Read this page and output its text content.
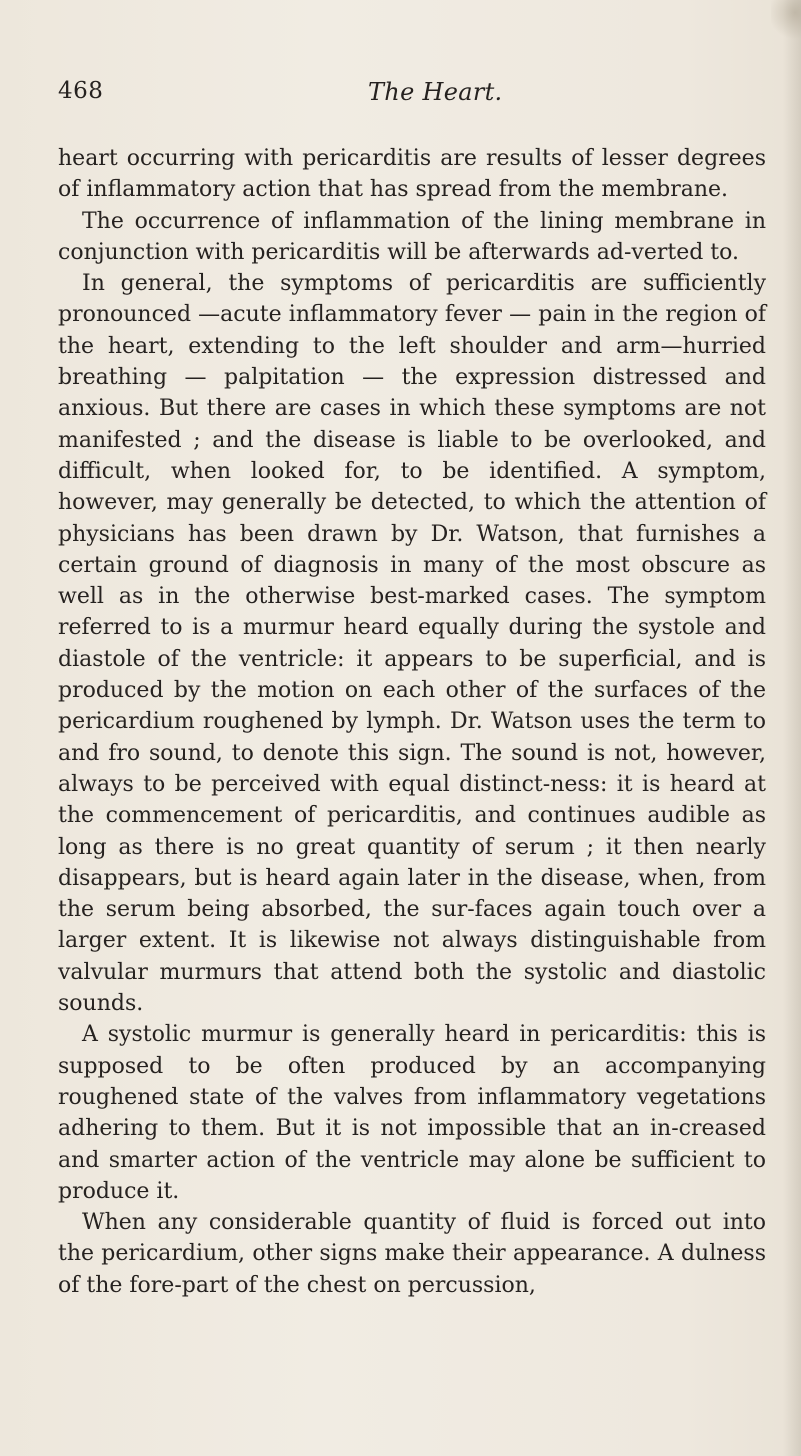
468	The Heart.

heart occurring with pericarditis are results of lesser degrees of inflammatory action that has spread from the membrane.

The occurrence of inflammation of the lining membrane in conjunction with pericarditis will be afterwards ad-verted to.

In general, the symptoms of pericarditis are sufficiently pronounced —acute inflammatory fever — pain in the region of the heart, extending to the left shoulder and arm—hurried breathing — palpitation — the expression distressed and anxious. But there are cases in which these symptoms are not manifested ; and the disease is liable to be overlooked, and difficult, when looked for, to be identified. A symptom, however, may generally be detected, to which the attention of physicians has been drawn by Dr. Watson, that furnishes a certain ground of diagnosis in many of the most obscure as well as in the otherwise best-marked cases. The symptom referred to is a murmur heard equally during the systole and diastole of the ventricle: it appears to be superficial, and is produced by the motion on each other of the surfaces of the pericardium roughened by lymph. Dr. Watson uses the term to and fro sound, to denote this sign. The sound is not, however, always to be perceived with equal distinct-ness: it is heard at the commencement of pericarditis, and continues audible as long as there is no great quantity of serum ; it then nearly disappears, but is heard again later in the disease, when, from the serum being absorbed, the sur-faces again touch over a larger extent. It is likewise not always distinguishable from valvular murmurs that attend both the systolic and diastolic sounds.

A systolic murmur is generally heard in pericarditis: this is supposed to be often produced by an accompanying roughened state of the valves from inflammatory vegetations adhering to them. But it is not impossible that an in-creased and smarter action of the ventricle may alone be sufficient to produce it.

When any considerable quantity of fluid is forced out into the pericardium, other signs make their appearance. A dulness of the fore-part of the chest on percussion,
